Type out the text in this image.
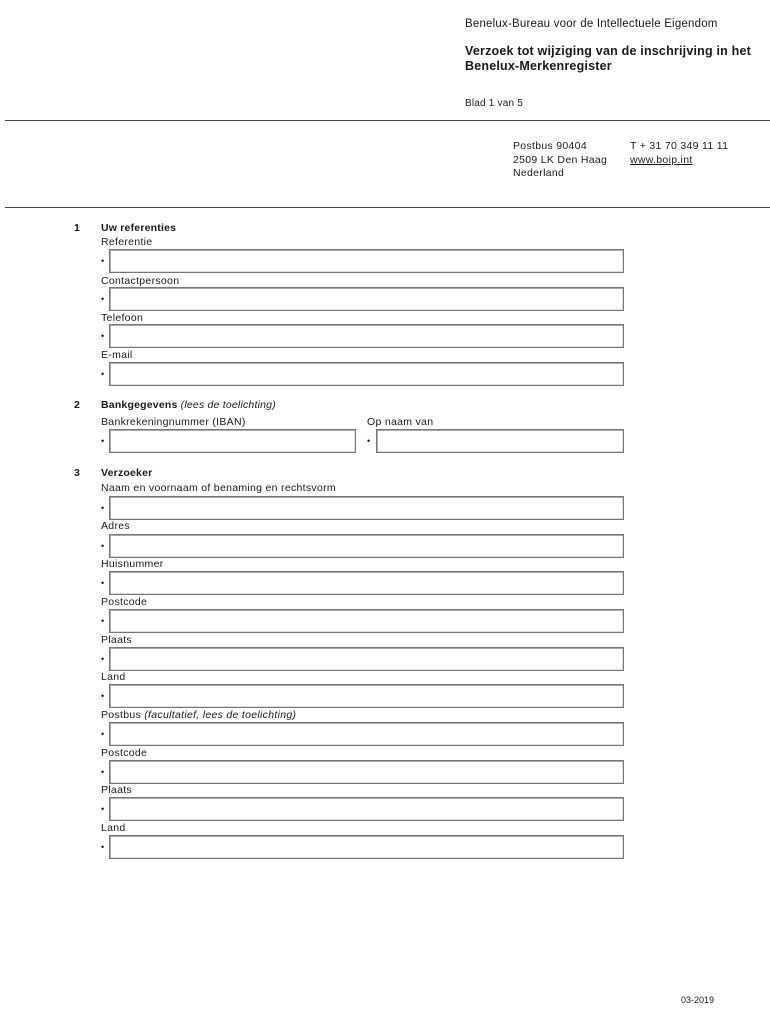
Benelux-Bureau voor de Intellectuele Eigendom
Verzoek tot wijziging van de inschrijving in het Benelux-Merkenregister
Blad 1 van 5
Postbus 90404
2509 LK Den Haag
Nederland
T + 31 70 349 11 11
www.boip.int
1 Uw referenties
Referentie
•
Contactpersoon
•
Telefoon
•
E-mail
•
2 Bankgegevens (lees de toelichting)
Bankrekeningnummer (IBAN)
•
Op naam van
•
3 Verzoeker
Naam en voornaam of benaming en rechtsvorm
•
Adres
•
Huisnummer
•
Postcode
•
Plaats
•
Land
•
Postbus (facultatief, lees de toelichting)
•
Postcode
•
Plaats
•
Land
•
03-2019
